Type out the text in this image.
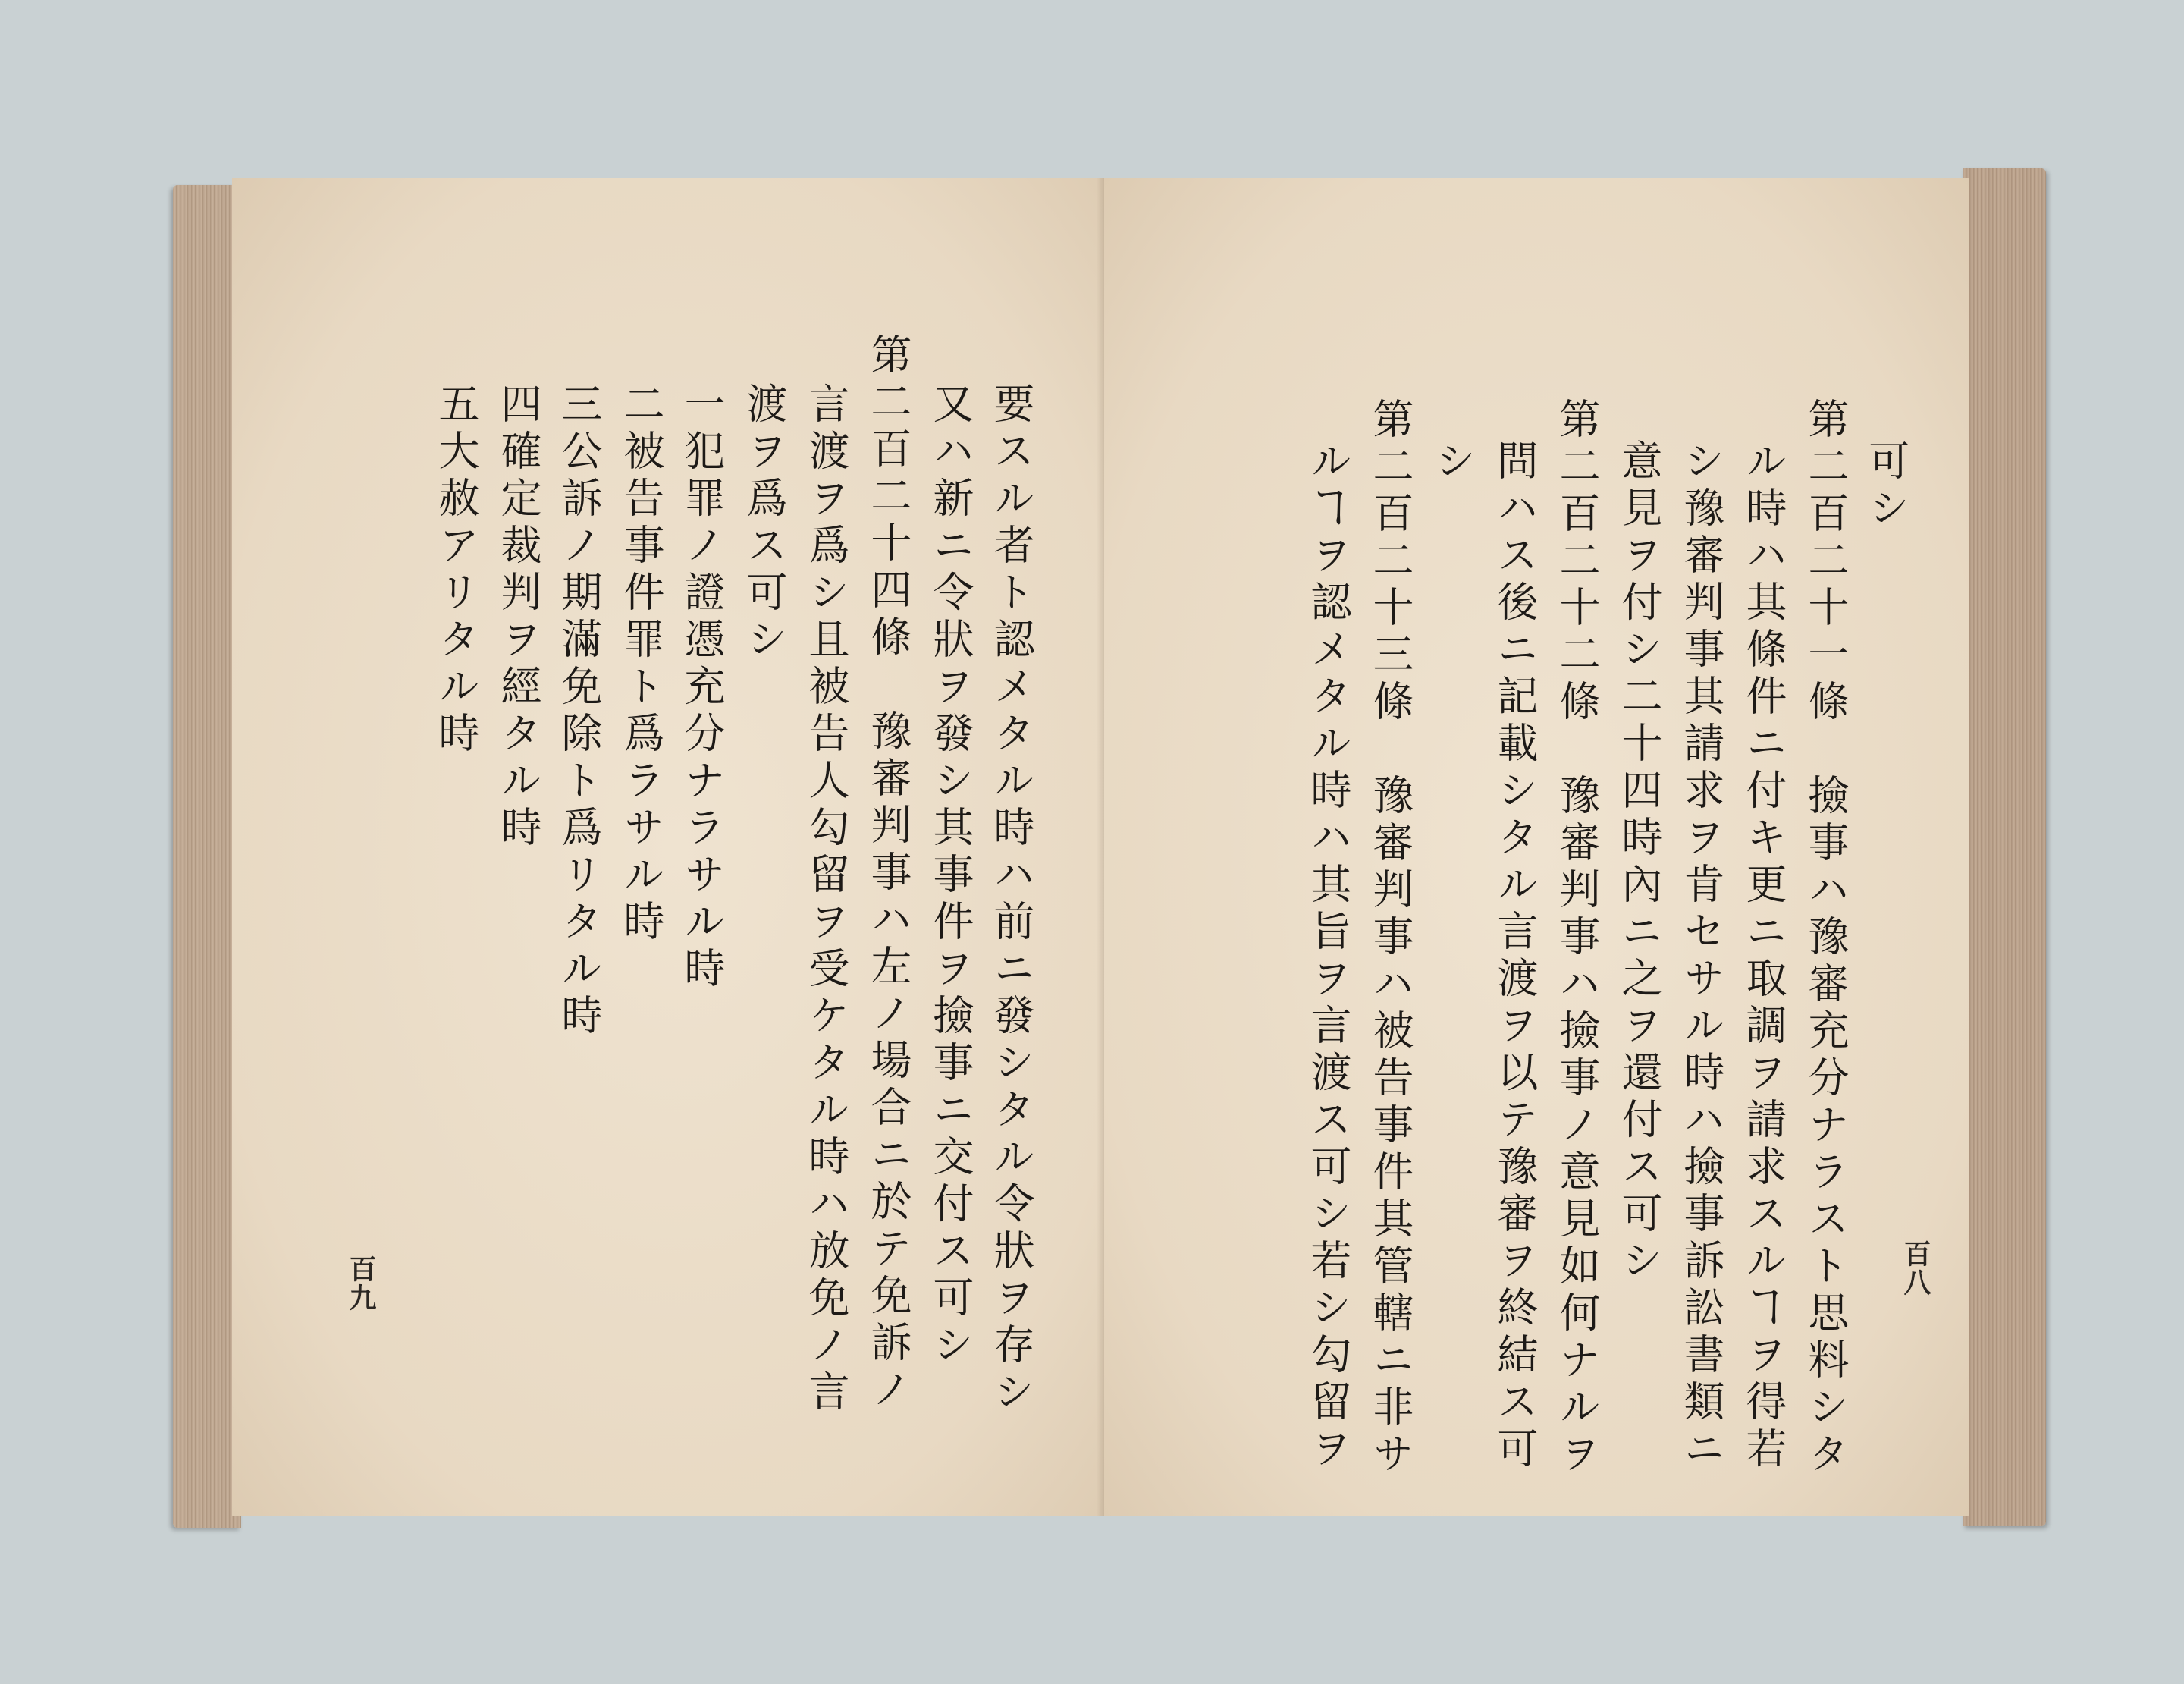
要スル者ト認メタル時ハ前ニ發シタル令狀ヲ存シ
又ハ新ニ令狀ヲ發シ其事件ヲ撿事ニ交付ス可シ
第二百二十四條　豫審判事ハ左ノ場合ニ於テ免訴ノ
言渡ヲ爲シ且被告人勾留ヲ受ケタル時ハ放免ノ言
渡ヲ爲ス可シ
一犯罪ノ證憑充分ナラサル時
二被告事件罪ト爲ラサル時
三公訴ノ期滿免除ト爲リタル時
四確定裁判ヲ經タル時
五大赦アリタル時
百九
可シ
第二百二十一條　撿事ハ豫審充分ナラスト思料シタ
ル時ハ其條件ニ付キ更ニ取調ヲ請求スルヿヲ得若
シ豫審判事其請求ヲ肯セサル時ハ撿事訴訟書類ニ
意見ヲ付シ二十四時內ニ之ヲ還付ス可シ
第二百二十二條　豫審判事ハ撿事ノ意見如何ナルヲ
問ハス後ニ記載シタル言渡ヲ以テ豫審ヲ終結ス可
シ
第二百二十三條　豫審判事ハ被告事件其管轄ニ非サ
ルヿヲ認メタル時ハ其旨ヲ言渡ス可シ若シ勾留ヲ	百八
